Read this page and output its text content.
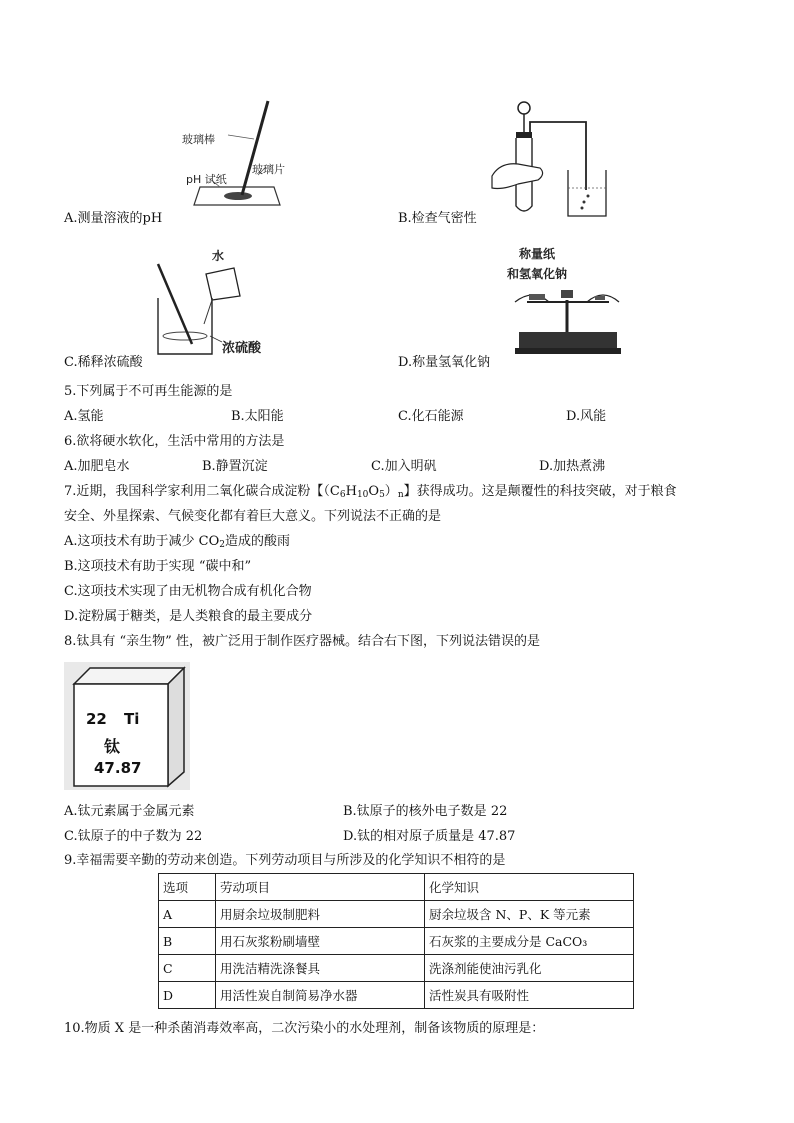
玻璃棒
pH 试纸
玻璃片
A.测量溶液的pH	B.检查气密性
水
浓硫酸
C.稀释浓硫酸
称量纸
和氢氧化钠
D.称量氢氧化钠
5.下列属于不可再生能源的是
A.氢能	B.太阳能	C.化石能源	D.风能
6.欲将硬水软化，生活中常用的方法是
A.加肥皂水	B.静置沉淀	C.加入明矾	D.加热煮沸
7.近期，我国科学家利用二氧化碳合成淀粉【$(C_6H_{10}O_5)_n$】获得成功。这是颠覆性的科技突破，对于粮食
安全、外星探索、气候变化都有着巨大意义。下列说法不正确的是
A.这项技术有助于减少 $CO_2$造成的酸雨
B.这项技术有助于实现 “碳中和”
C.这项技术实现了由无机物合成有机化合物
D.淀粉属于糖类，是人类粮食的最主要成分
8.钛具有 “亲生物” 性，被广泛用于制作医疗器械。结合右下图，下列说法错误的是
22 Ti
钛
47.87
A.钛元素属于金属元素	B.钛原子的核外电子数是 22
C.钛原子的中子数为 22	D.钛的相对原子质量是 47.87
9.幸福需要辛勤的劳动来创造。下列劳动项目与所涉及的化学知识不相符的是
选项	劳动项目	化学知识
A	用厨余垃圾制肥料	厨余垃圾含 N、P、K 等元素
B	用石灰浆粉刷墙壁	石灰浆的主要成分是 CaCO₃
C	用洗洁精洗涤餐具	洗涤剂能使油污乳化
D	用活性炭自制简易净水器	活性炭具有吸附性
10.物质 X 是一种杀菌消毒效率高，二次污染小的水处理剂，制备该物质的原理是：
